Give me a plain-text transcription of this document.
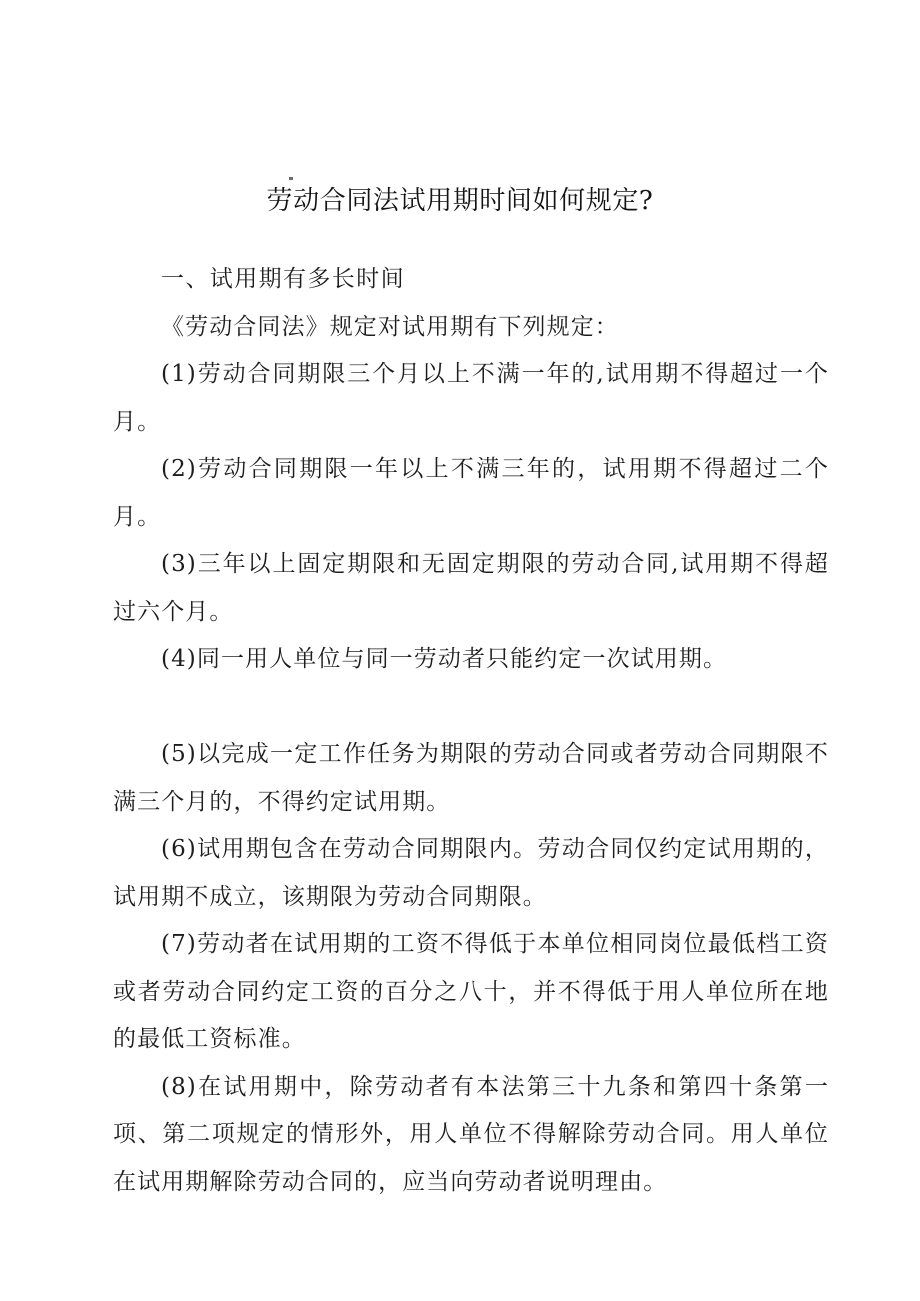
劳动合同法试用期时间如何规定?

一、试用期有多长时间

《劳动合同法》规定对试用期有下列规定：

(1)劳动合同期限三个月以上不满一年的,试用期不得超过一个月。

(2)劳动合同期限一年以上不满三年的，试用期不得超过二个月。

(3)三年以上固定期限和无固定期限的劳动合同,试用期不得超过六个月。

(4)同一用人单位与同一劳动者只能约定一次试用期。

(5)以完成一定工作任务为期限的劳动合同或者劳动合同期限不满三个月的，不得约定试用期。

(6)试用期包含在劳动合同期限内。劳动合同仅约定试用期的，试用期不成立，该期限为劳动合同期限。

(7)劳动者在试用期的工资不得低于本单位相同岗位最低档工资或者劳动合同约定工资的百分之八十，并不得低于用人单位所在地的最低工资标准。

(8)在试用期中，除劳动者有本法第三十九条和第四十条第一项、第二项规定的情形外，用人单位不得解除劳动合同。用人单位在试用期解除劳动合同的，应当向劳动者说明理由。
